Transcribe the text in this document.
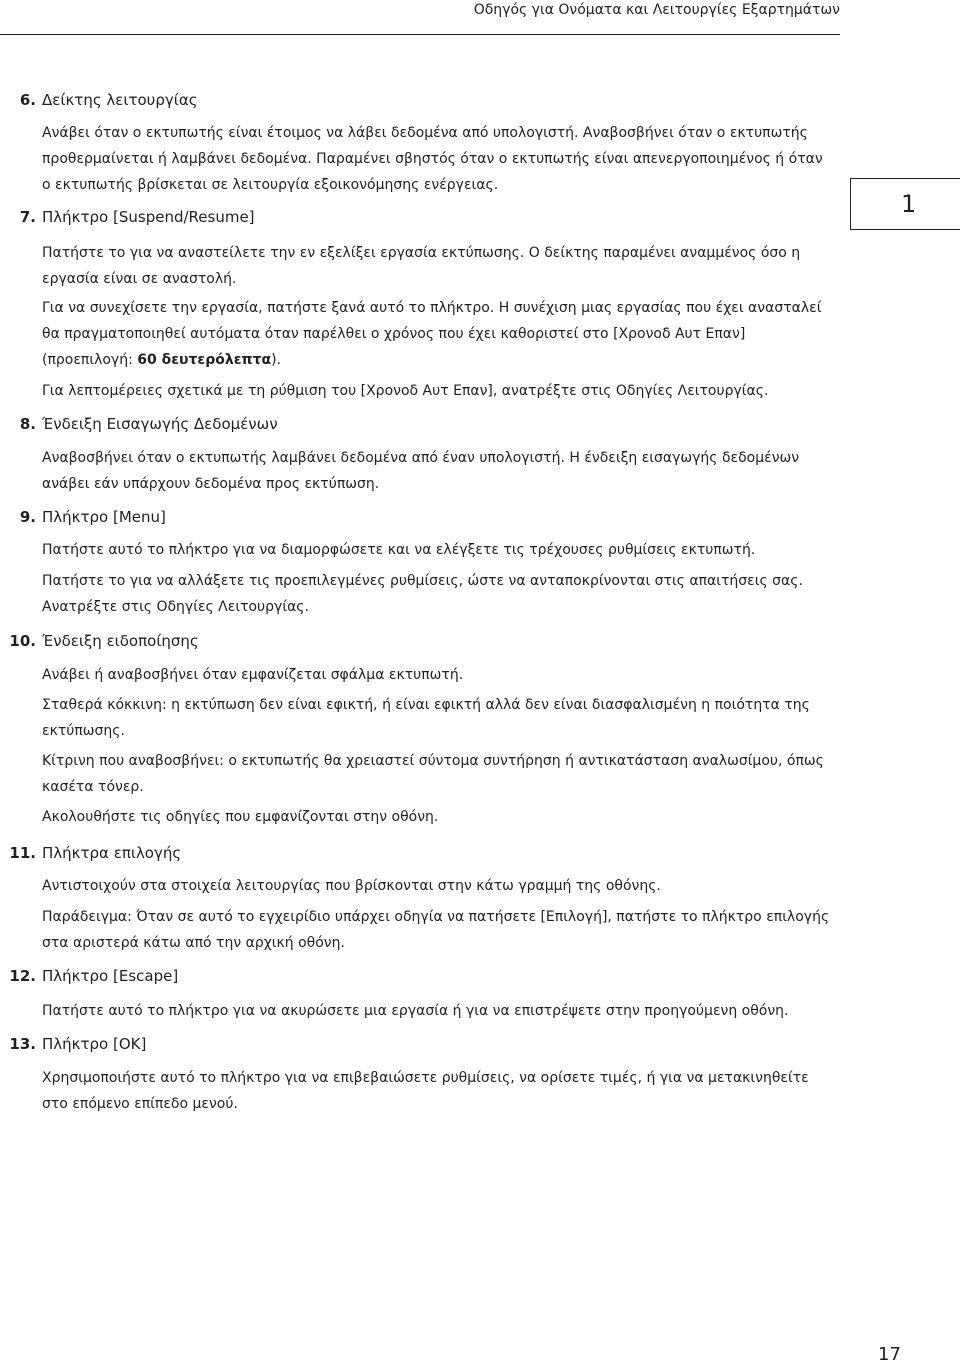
Οδηγός για Ονόματα και Λειτουργίες Εξαρτημάτων
1
6. Δείκτης λειτουργίας
Ανάβει όταν ο εκτυπωτής είναι έτοιμος να λάβει δεδομένα από υπολογιστή. Αναβοσβήνει όταν ο εκτυπωτής προθερμαίνεται ή λαμβάνει δεδομένα. Παραμένει σβηστός όταν ο εκτυπωτής είναι απενεργοποιημένος ή όταν ο εκτυπωτής βρίσκεται σε λειτουργία εξοικονόμησης ενέργειας.
7. Πλήκτρο [Suspend/Resume]
Πατήστε το για να αναστείλετε την εν εξελίξει εργασία εκτύπωσης. Ο δείκτης παραμένει αναμμένος όσο η εργασία είναι σε αναστολή.
Για να συνεχίσετε την εργασία, πατήστε ξανά αυτό το πλήκτρο. Η συνέχιση μιας εργασίας που έχει ανασταλεί θα πραγματοποιηθεί αυτόματα όταν παρέλθει ο χρόνος που έχει καθοριστεί στο [Χρονοδ Αυτ Επαν] (προεπιλογή: 60 δευτερόλεπτα).
Για λεπτομέρειες σχετικά με τη ρύθμιση του [Χρονοδ Αυτ Επαν], ανατρέξτε στις Οδηγίες Λειτουργίας.
8. Ένδειξη Εισαγωγής Δεδομένων
Αναβοσβήνει όταν ο εκτυπωτής λαμβάνει δεδομένα από έναν υπολογιστή. Η ένδειξη εισαγωγής δεδομένων ανάβει εάν υπάρχουν δεδομένα προς εκτύπωση.
9. Πλήκτρο [Menu]
Πατήστε αυτό το πλήκτρο για να διαμορφώσετε και να ελέγξετε τις τρέχουσες ρυθμίσεις εκτυπωτή.
Πατήστε το για να αλλάξετε τις προεπιλεγμένες ρυθμίσεις, ώστε να ανταποκρίνονται στις απαιτήσεις σας. Ανατρέξτε στις Οδηγίες Λειτουργίας.
10. Ένδειξη ειδοποίησης
Ανάβει ή αναβοσβήνει όταν εμφανίζεται σφάλμα εκτυπωτή.
Σταθερά κόκκινη: η εκτύπωση δεν είναι εφικτή, ή είναι εφικτή αλλά δεν είναι διασφαλισμένη η ποιότητα της εκτύπωσης.
Κίτρινη που αναβοσβήνει: ο εκτυπωτής θα χρειαστεί σύντομα συντήρηση ή αντικατάσταση αναλωσίμου, όπως κασέτα τόνερ.
Ακολουθήστε τις οδηγίες που εμφανίζονται στην οθόνη.
11. Πλήκτρα επιλογής
Αντιστοιχούν στα στοιχεία λειτουργίας που βρίσκονται στην κάτω γραμμή της οθόνης.
Παράδειγμα: Όταν σε αυτό το εγχειρίδιο υπάρχει οδηγία να πατήσετε [Επιλογή], πατήστε το πλήκτρο επιλογής στα αριστερά κάτω από την αρχική οθόνη.
12. Πλήκτρο [Escape]
Πατήστε αυτό το πλήκτρο για να ακυρώσετε μια εργασία ή για να επιστρέψετε στην προηγούμενη οθόνη.
13. Πλήκτρο [OK]
Χρησιμοποιήστε αυτό το πλήκτρο για να επιβεβαιώσετε ρυθμίσεις, να ορίσετε τιμές, ή για να μετακινηθείτε στο επόμενο επίπεδο μενού.
17
